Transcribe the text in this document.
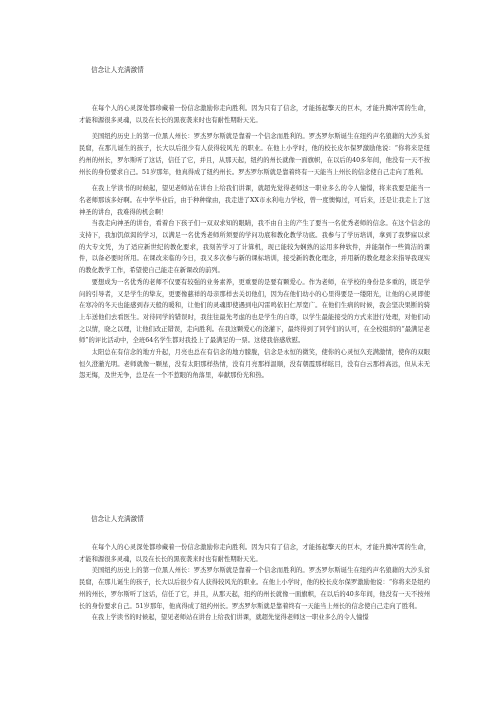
信念让人充满激情

在每个人的心灵深处都珍藏着一份信念激励你走向胜利。因为只有了信念，才能扬起擎天的巨木，才能升腾冲霄的生命，才能和源很多灵魂，以及在长长的黑夜袭来时也有耐性期盼天光。

美国纽约历史上的第一位黑人州长：罗杰罗尔斯就是靠着一个信念而胜利的。罗杰罗尔斯诞生在纽约声名狼藉的大沙头贫民窟，在那儿诞生的孩子，长大以后很少有人获得较风光 的职业。在他上小学时，他的校长皮尔保罗激励他说：“你将来是纽约州的州长，罗尔斯听了这话，信任了它，并且，从那天起，纽约的州长就像一面旗帜，在以后的40多年间，他没有一天不按州长的身份要求自己。51岁那年，他真得成了纽约州长。罗杰罗尔斯就是靠着终有一天能当上州长的信念使自己走向了胜利。

在我上学读书的时候起，望见老师站在讲台上给我们讲课，就超先觉得老师这一职业多么的令人憧憬，将来我要是能当一名老师那该多好啊。在中学毕业后，由于种种缘由，我走进了XX市永利电力学校，曾一度懊悔过，可后来，还是让我走上了这神圣的讲台，我难得的机会啊！

当我走向神圣的讲台，看着台下孩子们一双双求知的眼睛，我不由自主的产生了要当一名优秀老师的信念。在这个信念的支持下，我加饥似渴的学习，以满足一名优秀老师所须要的学问功底和教化教学功底。我参与了学历培训，拿到了我梦寐以求的大专文凭，为了适应新世纪的教化要求，我刻苦学习了计算机，现已能较为娴熟的运用多种软件，并能制作一些简洁的课件，以备必要时所用。在课改来临的今日，我又多次参与新的课标培训，接受新的教化理念，并用新的教化理念来指导我现实的教化教学工作，希望使自己能走在新课改的前列。

要想成为一名优秀的老师不仅要有较强的业务素养，更重要的是要有颗爱心。作为老师，在学校的身份是多重的，既是学问的引导者，又是学生的挚友，更要像慈祥的母亲那样去关切他们，因为在他们幼小的心里得要是一缕阳光，让他的心灵即使在寒冷的冬天也能感到春天般的暖和，让他们的灵魂即使遇到电闪雷鸣依旧仁厚宽广。在他们生病的时候，我会坚决果断的骑上车送他们去看医生。对待同学的错误时，我往往最先考虑的也是学生的自尊，以学生最能接受的方式来进行处理，对他们动之以情，晓之以理，让他们改正错误，走向胜利。在我这颗爱心的浇灌下，最终得到了同学们的认可，在全校组织的“最满足老师”的评比活动中，全班64名学生都对我投上了最满足的一票。这使我倍感欣慰。

太阳总在有信念的地方升起，月亮也总在有信念的地方朦胧，信念是永恒的微笑，使你的心灵恒久充满激情，使你的双眼恒久澄澈光明。老师就像一颗星，没有太阳那样热情，没有月亮那样温顺，没有朝霞那样眩目，没有白云那样高远，但从未无怨无悔，及世无争，总是在一个不惹眼的角落里，奉献那份光和热。

信念让人充满激情

在每个人的心灵深处都珍藏着一份信念激励你走向胜利。因为只有了信念，才能扬起擎天的巨木，才能升腾冲霄的生命，才能和源很多灵魂，以及在长长的黑夜袭来时也有耐性期盼天光。

美国纽约历史上的第一位黑人州长：罗杰罗尔斯就是靠着一个信念而胜利的。罗杰罗尔斯诞生在纽约声名狼藉的大沙头贫民窟，在那儿诞生的孩子，长大以后很少有人获得较风光的职业。在他上小学时，他的校长皮尔保罗激励他说：“你将来是纽约州的州长，罗尔斯听了这话，信任了它，并且，从那天起，纽约的州长就像一面旗帜，在以后的40多年间，他没有一天不按州长的身份要求自己。51岁那年，他真得成了纽约州长。罗杰罗尔斯就是靠着终有一天能当上州长的信念使自己走向了胜利。

在我上学读书的时候起，望见老师站在讲台上给我们讲课，就超先觉得老师这一职业多么的令人憧憬
